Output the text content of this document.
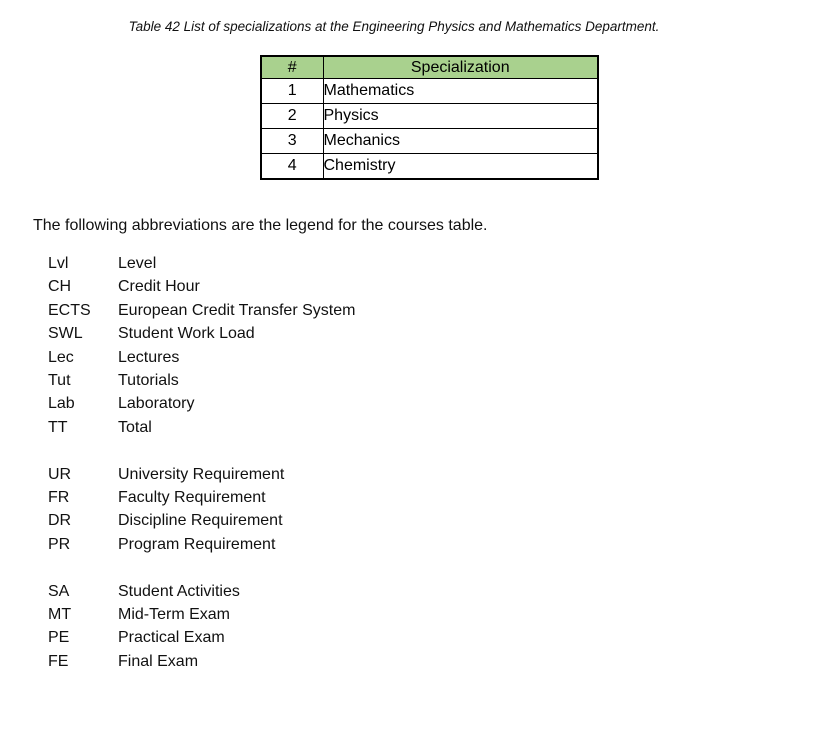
Table 42 List of specializations at the Engineering Physics and Mathematics Department.
#	Specialization
1	Mathematics
2	Physics
3	Mechanics
4	Chemistry
The following abbreviations are the legend for the courses table.
Lvl	Level
CH	Credit Hour
ECTS European Credit Transfer System
SWL Student Work Load
Lec	Lectures
Tut	Tutorials
Lab	Laboratory
TT	Total
UR	University Requirement
FR	Faculty Requirement
DR	Discipline Requirement
PR	Program Requirement
SA	Student Activities
MT	Mid-Term Exam
PE	Practical Exam
FE	Final Exam
